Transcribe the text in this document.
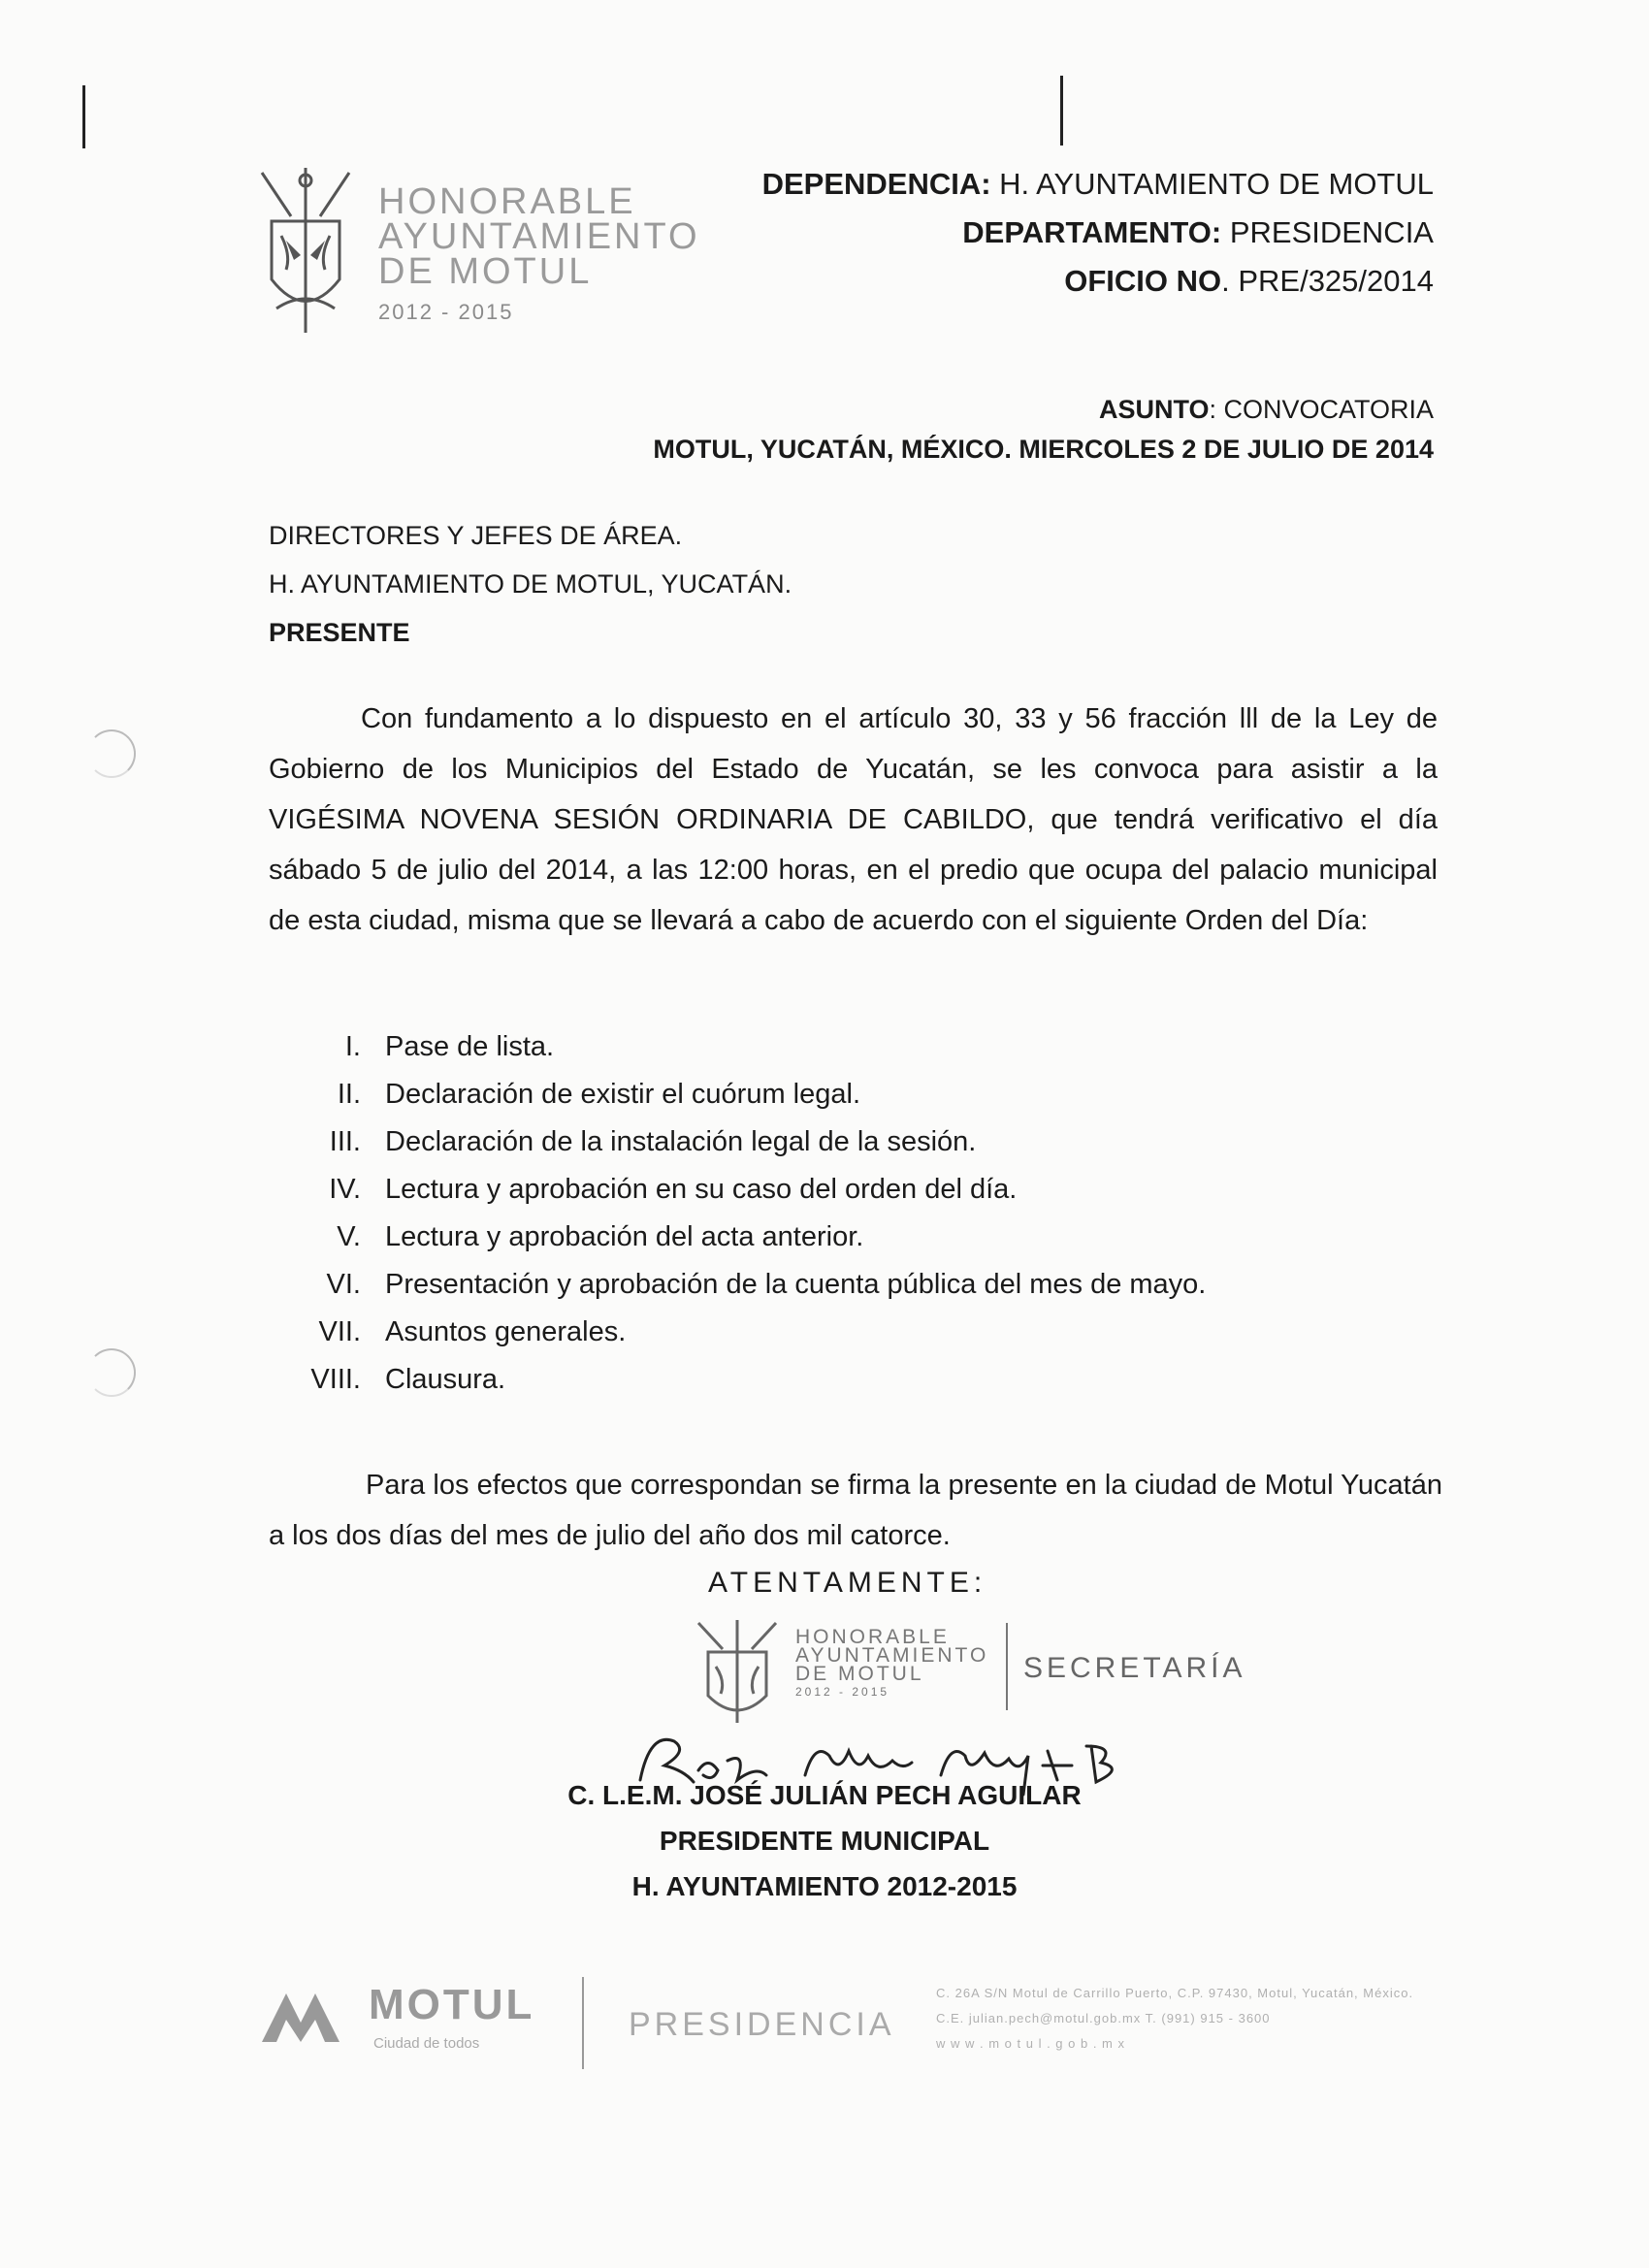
HONORABLE
AYUNTAMIENTO
DE MOTUL
2012 - 2015
DEPENDENCIA: H. AYUNTAMIENTO DE MOTUL
DEPARTAMENTO: PRESIDENCIA
OFICIO NO. PRE/325/2014
ASUNTO: CONVOCATORIA
MOTUL, YUCATÁN, MÉXICO. MIERCOLES 2 DE JULIO DE 2014
DIRECTORES Y JEFES DE ÁREA.
H. AYUNTAMIENTO DE MOTUL, YUCATÁN.
PRESENTE

Con fundamento a lo dispuesto en el artículo 30, 33 y 56 fracción lll de la Ley de Gobierno de los Municipios del Estado de Yucatán, se les convoca para asistir a la VIGÉSIMA NOVENA SESIÓN ORDINARIA DE CABILDO, que tendrá verificativo el día sábado 5 de julio del 2014, a las 12:00 horas, en el predio que ocupa del palacio municipal de esta ciudad, misma que se llevará a cabo de acuerdo con el siguiente Orden del Día:

I. Pase de lista.
II. Declaración de existir el cuórum legal.
III. Declaración de la instalación legal de la sesión.
IV. Lectura y aprobación en su caso del orden del día.
V. Lectura y aprobación del acta anterior.
VI. Presentación y aprobación de la cuenta pública del mes de mayo.
VII. Asuntos generales.
VIII. Clausura.

Para los efectos que correspondan se firma la presente en la ciudad de Motul Yucatán a los dos días del mes de julio del año dos mil catorce.

ATENTAMENTE:
HONORABLE
AYUNTAMIENTO
DE MOTUL
2012 - 2015
SECRETARÍA
C. L.E.M. JOSÉ JULIÁN PECH AGUILAR
PRESIDENTE MUNICIPAL
H. AYUNTAMIENTO 2012-2015
MOTUL
Ciudad de todos
PRESIDENCIA
C. 26A S/N Motul de Carrillo Puerto, C.P. 97430, Motul, Yucatán, México.
C.E. julian.pech@motul.gob.mx T. (991) 915 - 3600
w w w . m o t u l . g o b . m x
